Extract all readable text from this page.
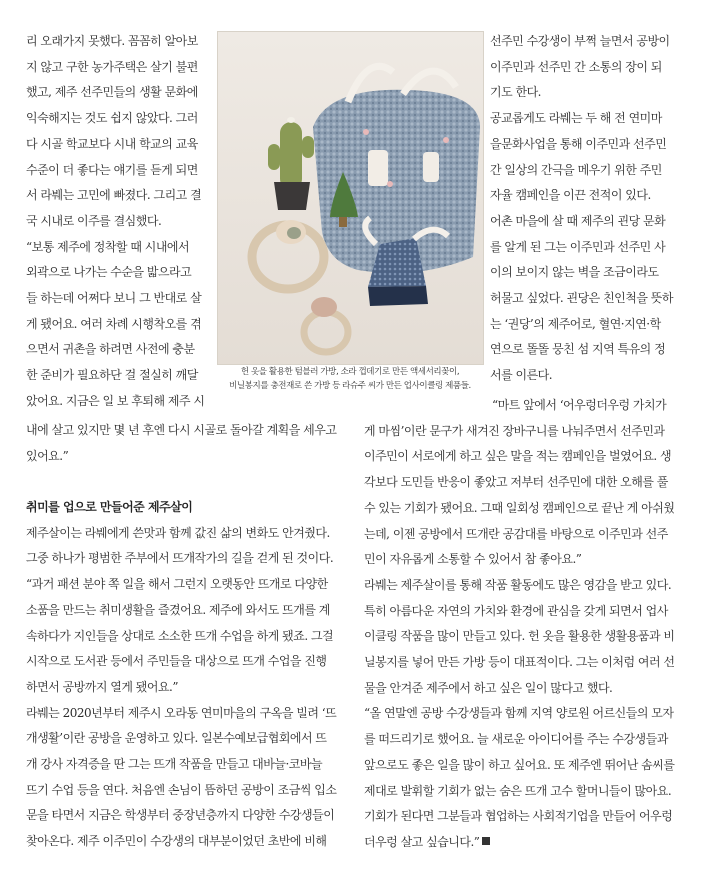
리 오래가지 못했다. 꼼꼼히 알아보

지 않고 구한 농가주택은 살기 불편

했고, 제주 선주민들의 생활 문화에

익숙해지는 것도 쉽지 않았다. 그러

다 시골 학교보다 시내 학교의 교육

수준이 더 좋다는 얘기를 듣게 되면

서 라붸는 고민에 빠졌다. 그리고 결

국 시내로 이주를 결심했다.

“보통 제주에 정착할 때 시내에서

외곽으로 나가는 수순을 밟으라고

들 하는데 어쩌다 보니 그 반대로 살

게 됐어요. 여러 차례 시행착오를 겪

으면서 귀촌을 하려면 사전에 충분

한 준비가 필요하단 걸 절실히 깨달

았어요. 지금은 일 보 후퇴해 제주 시

헌 옷을 활용한 텀블러 가방, 소라 껍데기로 만든 액세서리꽂이,
비닐봉지를 충전재로 쓴 가방 등 라슈주 씨가 만든 업사이클링 제품들.

선주민 수강생이 부쩍 늘면서 공방이

이주민과 선주민 간 소통의 장이 되

기도 한다.

공교롭게도 라붸는 두 해 전 연미마

을문화사업을 통해 이주민과 선주민

간 일상의 간극을 메우기 위한 주민

자율 캠페인을 이끈 전적이 있다.

어촌 마을에 살 때 제주의 괸당 문화

를 알게 된 그는 이주민과 선주민 사

이의 보이지 않는 벽을 조금이라도

허물고 싶었다. 괸당은 친인척을 뜻하

는 ‘권당’의 제주어로, 혈연·지연·학

연으로 똘똘 뭉친 섬 지역 특유의 정

서를 이른다.

내에 살고 있지만 몇 년 후엔 다시 시골로 돌아갈 계획을 세우고

있어요.”

취미를 업으로 만들어준 제주살이

제주살이는 라붸에게 쓴맛과 함께 값진 삶의 변화도 안겨줬다.

그중 하나가 평범한 주부에서 뜨개작가의 길을 걷게 된 것이다.

“과거 패션 분야 쪽 일을 해서 그런지 오랫동안 뜨개로 다양한

소품을 만드는 취미생활을 즐겼어요. 제주에 와서도 뜨개를 계

속하다가 지인들을 상대로 소소한 뜨개 수업을 하게 됐죠. 그걸

시작으로 도서관 등에서 주민들을 대상으로 뜨개 수업을 진행

하면서 공방까지 열게 됐어요.”

라붸는 2020년부터 제주시 오라동 연미마을의 구옥을 빌려 ‘뜨

개생활’이란 공방을 운영하고 있다. 일본수예보급협회에서 뜨

개 강사 자격증을 딴 그는 뜨개 작품을 만들고 대바늘·코바늘

뜨기 수업 등을 연다. 처음엔 손님이 뜸하던 공방이 조금씩 입소

문을 타면서 지금은 학생부터 중장년층까지 다양한 수강생들이

찾아온다. 제주 이주민이 수강생의 대부분이었던 초반에 비해

“마트 앞에서 ‘어우렁더우렁 가치가

게 마씸’이란 문구가 새겨진 장바구니를 나눠주면서 선주민과

이주민이 서로에게 하고 싶은 말을 적는 캠페인을 벌였어요. 생

각보다 도민들 반응이 좋았고 저부터 선주민에 대한 오해를 풀

수 있는 기회가 됐어요. 그때 일회성 캠페인으로 끝난 게 아쉬웠

는데, 이젠 공방에서 뜨개란 공감대를 바탕으로 이주민과 선주

민이 자유롭게 소통할 수 있어서 참 좋아요.”

라붸는 제주살이를 통해 작품 활동에도 많은 영감을 받고 있다.

특히 아름다운 자연의 가치와 환경에 관심을 갖게 되면서 업사

이클링 작품을 많이 만들고 있다. 헌 옷을 활용한 생활용품과 비

닐봉지를 넣어 만든 가방 등이 대표적이다. 그는 이처럼 여러 선

물을 안겨준 제주에서 하고 싶은 일이 많다고 했다.

“올 연말엔 공방 수강생들과 함께 지역 양로원 어르신들의 모자

를 떠드리기로 했어요. 늘 새로운 아이디어를 주는 수강생들과

앞으로도 좋은 일을 많이 하고 싶어요. 또 제주엔 뛰어난 솜씨를

제대로 발휘할 기회가 없는 숨은 뜨개 고수 할머니들이 많아요.

기회가 된다면 그분들과 협업하는 사회적기업을 만들어 어우렁

더우렁 살고 싶습니다.”
